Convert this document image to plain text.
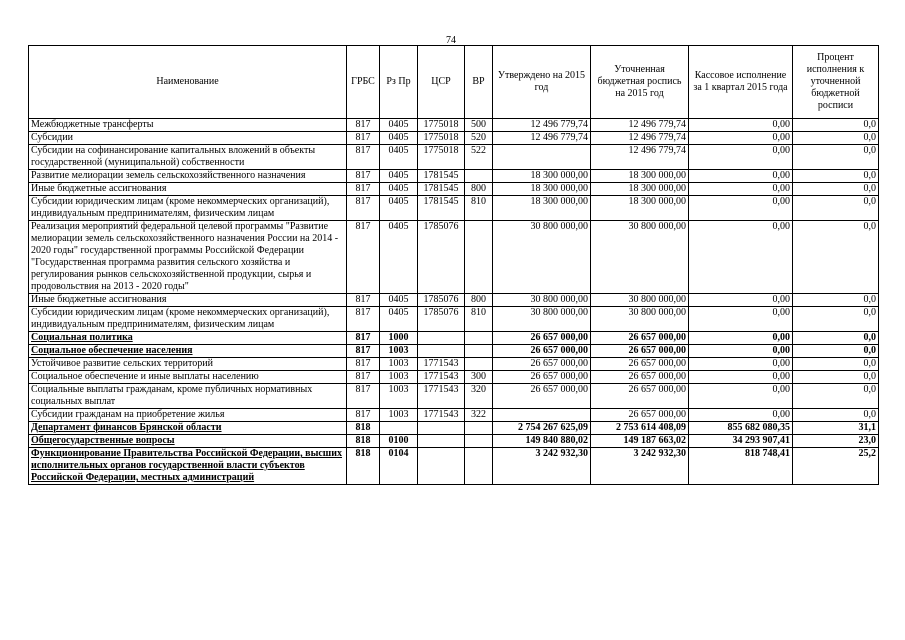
74
Наименование	ГРБС	Рз Пр	ЦСР	ВР	Утверждено на 2015 год	Уточненная бюджетная роспись на 2015 год	Кассовое исполнение за 1 квартал 2015 года	Процент исполнения к уточненной бюджетной росписи
Межбюджетные трансферты	817	0405	1775018	500	12 496 779,74	12 496 779,74	0,00	0,0
Субсидии	817	0405	1775018	520	12 496 779,74	12 496 779,74	0,00	0,0
Субсидии на софинансирование капитальных вложений в объекты государственной (муниципальной) собственности	817	0405	1775018	522		12 496 779,74	0,00	0,0
Развитие мелиорации земель сельскохозяйственного назначения	817	0405	1781545		18 300 000,00	18 300 000,00	0,00	0,0
Иные бюджетные ассигнования	817	0405	1781545	800	18 300 000,00	18 300 000,00	0,00	0,0
Субсидии юридическим лицам (кроме некоммерческих организаций), индивидуальным предпринимателям, физическим лицам	817	0405	1781545	810	18 300 000,00	18 300 000,00	0,00	0,0
Реализация мероприятий федеральной целевой программы "Развитие мелиорации земель сельскохозяйственного назначения России на 2014 - 2020 годы" государственной программы Российской Федерации "Государственная программа развития сельского хозяйства и регулирования рынков сельскохозяйственной продукции, сырья и продовольствия на 2013 - 2020 годы"	817	0405	1785076		30 800 000,00	30 800 000,00	0,00	0,0
Иные бюджетные ассигнования	817	0405	1785076	800	30 800 000,00	30 800 000,00	0,00	0,0
Субсидии юридическим лицам (кроме некоммерческих организаций), индивидуальным предпринимателям, физическим лицам	817	0405	1785076	810	30 800 000,00	30 800 000,00	0,00	0,0
Социальная политика	817	1000			26 657 000,00	26 657 000,00	0,00	0,0
Социальное обеспечение населения	817	1003			26 657 000,00	26 657 000,00	0,00	0,0
Устойчивое развитие сельских территорий	817	1003	1771543		26 657 000,00	26 657 000,00	0,00	0,0
Социальное обеспечение и иные выплаты населению	817	1003	1771543	300	26 657 000,00	26 657 000,00	0,00	0,0
Социальные выплаты гражданам, кроме публичных нормативных социальных выплат	817	1003	1771543	320	26 657 000,00	26 657 000,00	0,00	0,0
Субсидии гражданам на приобретение жилья	817	1003	1771543	322		26 657 000,00	0,00	0,0
Департамент финансов Брянской области	818				2 754 267 625,09	2 753 614 408,09	855 682 080,35	31,1
Общегосударственные вопросы	818	0100			149 840 880,02	149 187 663,02	34 293 907,41	23,0
Функционирование Правительства Российской Федерации, высших исполнительных органов государственной власти субъектов Российской Федерации, местных администраций	818	0104			3 242 932,30	3 242 932,30	818 748,41	25,2
